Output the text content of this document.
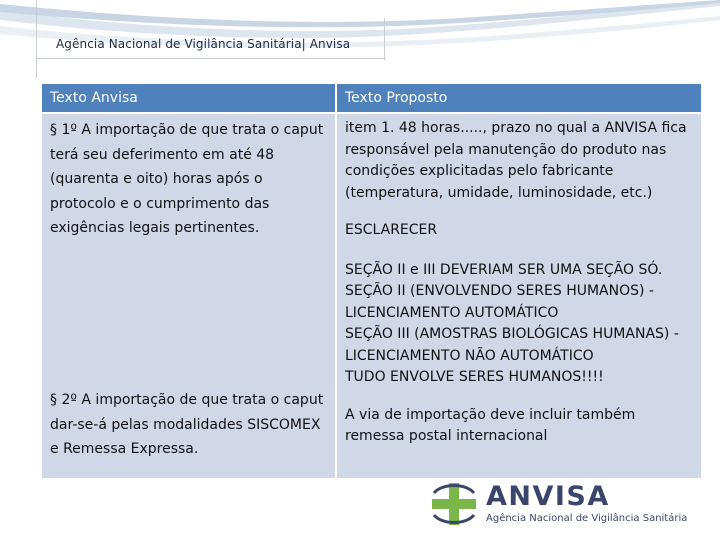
Agência Nacional de Vigilância Sanitária| Anvisa
Texto Anvisa	Texto Proposto

§ 1º A importação de que trata o caput terá seu deferimento em até 48 (quarenta e oito) horas após o protocolo e o cumprimento das exigências legais pertinentes.

§ 2º A importação de que trata o caput dar-se-á pelas modalidades SISCOMEX e Remessa Expressa.

item 1. 48 horas....., prazo no qual a ANVISA fica responsável pela manutenção do produto nas condições explicitadas pelo fabricante (temperatura, umidade, luminosidade, etc.)

ESCLARECER

SEÇÃO II e III DEVERIAM SER UMA SEÇÃO SÓ.
SEÇÃO II (ENVOLVENDO SERES HUMANOS) - LICENCIAMENTO AUTOMÁTICO
SEÇÃO III (AMOSTRAS BIOLÓGICAS HUMANAS) - LICENCIAMENTO NÃO AUTOMÁTICO
TUDO ENVOLVE SERES HUMANOS!!!!

A via de importação deve incluir também remessa postal internacional

ANVISA
Agência Nacional de Vigilância Sanitária
